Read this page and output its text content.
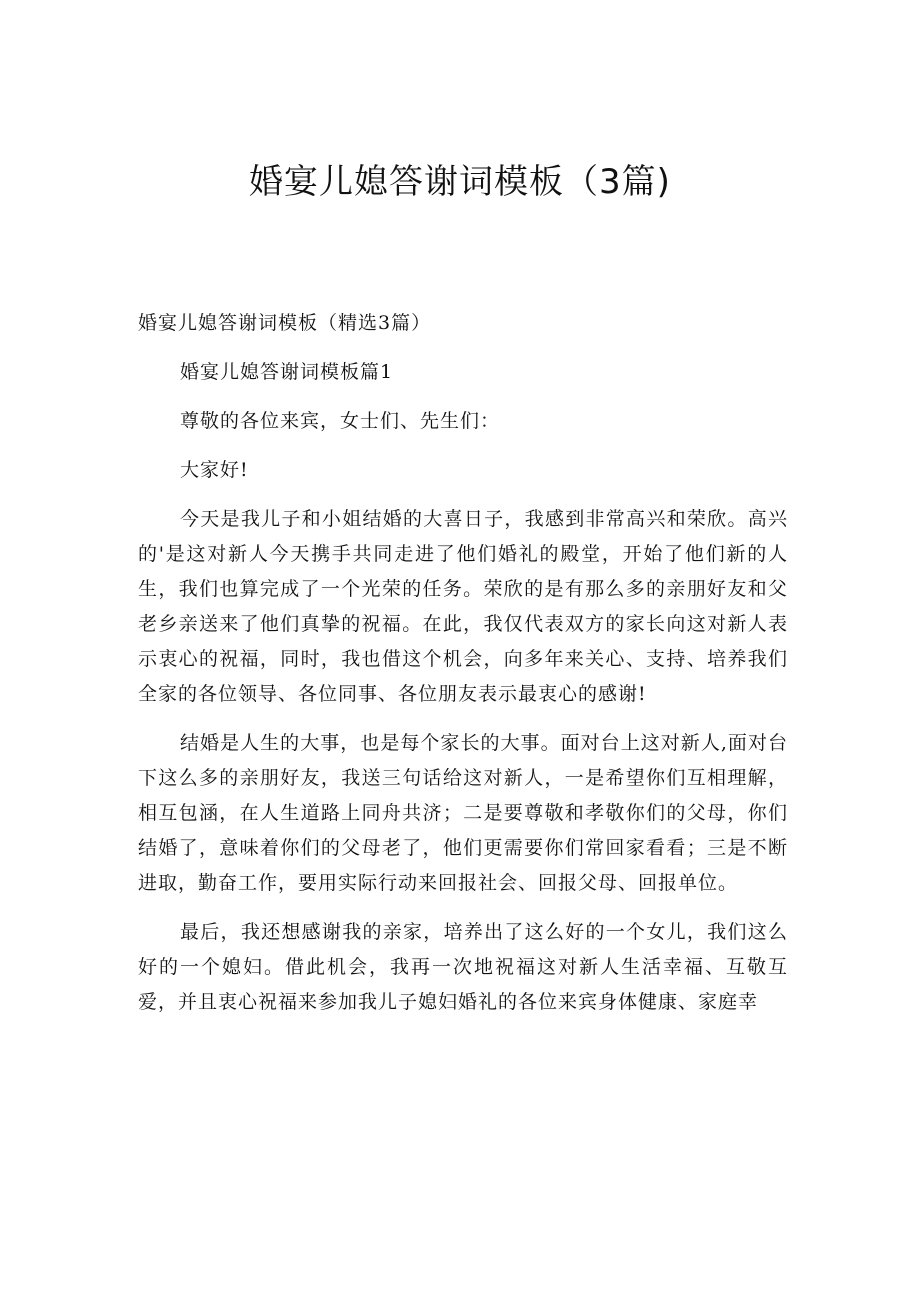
婚宴儿媳答谢词模板（3篇)

婚宴儿媳答谢词模板（精选3篇）

婚宴儿媳答谢词模板篇1

尊敬的各位来宾，女士们、先生们：

大家好!

今天是我儿子和小姐结婚的大喜日子，我感到非常高兴和荣欣。高兴的'是这对新人今天携手共同走进了他们婚礼的殿堂，开始了他们新的人生，我们也算完成了一个光荣的任务。荣欣的是有那么多的亲朋好友和父老乡亲送来了他们真挚的祝福。在此，我仅代表双方的家长向这对新人表示衷心的祝福，同时，我也借这个机会，向多年来关心、支持、培养我们全家的各位领导、各位同事、各位朋友表示最衷心的感谢!

结婚是人生的大事，也是每个家长的大事。面对台上这对新人,面对台下这么多的亲朋好友，我送三句话给这对新人，一是希望你们互相理解，相互包涵，在人生道路上同舟共济；二是要尊敬和孝敬你们的父母，你们结婚了，意味着你们的父母老了，他们更需要你们常回家看看；三是不断进取，勤奋工作，要用实际行动来回报社会、回报父母、回报单位。

最后，我还想感谢我的亲家，培养出了这么好的一个女儿，我们这么好的一个媳妇。借此机会，我再一次地祝福这对新人生活幸福、互敬互爱，并且衷心祝福来参加我儿子媳妇婚礼的各位来宾身体健康、家庭幸
